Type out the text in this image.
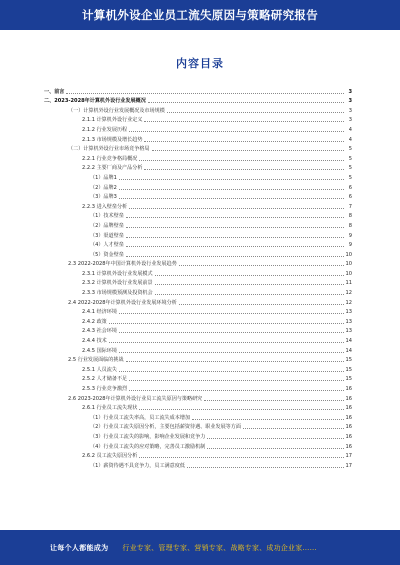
计算机外设企业员工流失原因与策略研究报告
内容目录
一、前言	3
二、2023-2028年计算机外设行业发展概况	3
（一）计算机外设行业发展概况及市场规模	3
2.1.1 计算机外设行业定义	3
2.1.2 行业发展历程	4
2.1.3 市场规模及增长趋势	4
（二）计算机外设行业市场竞争格局	5
2.2.1 行业竞争格局概况	5
2.2.2 主要厂商及产品分析	5
（1）品牌1	5
（2）品牌2	6
（3）品牌3	6
2.2.3 进入壁垒分析	7
（1）技术壁垒	8
（2）品牌壁垒	8
（3）渠道壁垒	9
（4）人才壁垒	9
（5）资金壁垒	10
2.3 2022-2028年中国计算机外设行业发展趋势	10
2.3.1 计算机外设行业发展模式	10
2.3.2 计算机外设行业发展前景	11
2.3.3 市场规模预测及投资机会	12
2.4 2022-2028年计算机外设行业发展环境分析	12
2.4.1 经济环境	13
2.4.2 政策	13
2.4.3 社会环境	13
2.4.4 技术	14
2.4.5 国际环境	14
2.5 行业发展面临的挑战	15
2.5.1 人员流失	15
2.5.2 人才储备不足	15
2.5.3 行业竞争激烈	16
2.6 2023-2028年计算机外设行业员工流失原因与策略研究	16
2.6.1 行业员工流失现状	16
（1）行业员工流失率高，员工流失成本增加	16
（2）行业员工流失原因分析，主要包括薪资待遇、职业发展等方面	16
（3）行业员工流失的影响，影响企业发展和竞争力	16
（4）行业员工流失的应对策略，完善员工激励机制	16
2.6.2 员工流失原因分析	17
（1）薪资待遇不具竞争力，员工满意度低	17
让每个人都能成为 行业专家、管理专家、营销专家、战略专家、成功企业家……
